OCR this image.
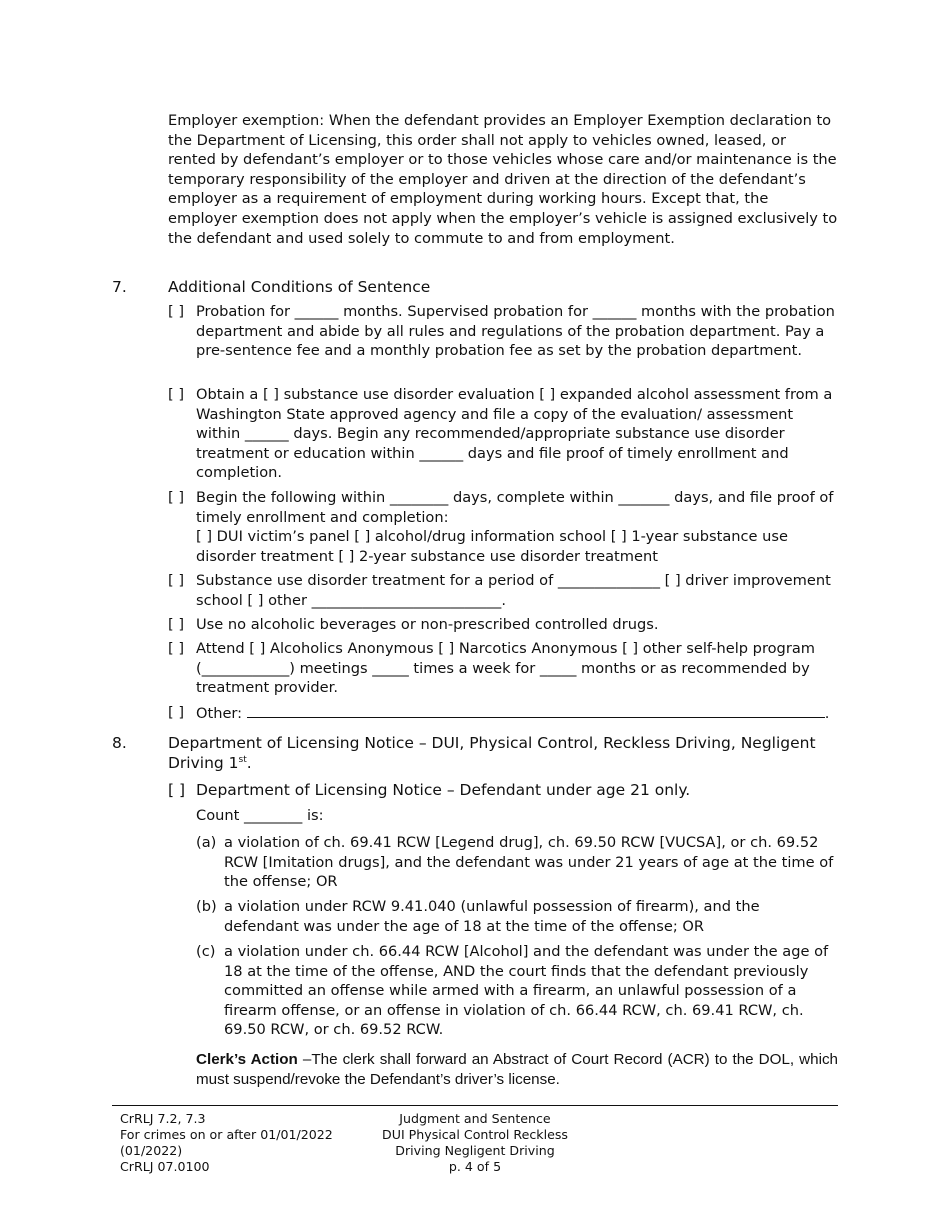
Employer exemption: When the defendant provides an Employer Exemption declaration to the Department of Licensing, this order shall not apply to vehicles owned, leased, or rented by defendant’s employer or to those vehicles whose care and/or maintenance is the temporary responsibility of the employer and driven at the direction of the defendant’s employer as a requirement of employment during working hours. Except that, the employer exemption does not apply when the employer’s vehicle is assigned exclusively to the defendant and used solely to commute to and from employment.
7.	Additional Conditions of Sentence
[ ] Probation for ______ months. Supervised probation for ______ months with the probation department and abide by all rules and regulations of the probation department. Pay a pre-sentence fee and a monthly probation fee as set by the probation department.
[ ] Obtain a [ ] substance use disorder evaluation [ ] expanded alcohol assessment from a Washington State approved agency and file a copy of the evaluation/ assessment within ______ days. Begin any recommended/appropriate substance use disorder treatment or education within ______ days and file proof of timely enrollment and completion.
[ ] Begin the following within ________ days, complete within _______ days, and file proof of timely enrollment and completion:
[ ] DUI victim’s panel [ ] alcohol/drug information school [ ] 1-year substance use disorder treatment [ ] 2-year substance use disorder treatment
[ ] Substance use disorder treatment for a period of ______________ [ ] driver improvement school [ ] other __________________________.
[ ] Use no alcoholic beverages or non-prescribed controlled drugs.
[ ] Attend [ ] Alcoholics Anonymous [ ] Narcotics Anonymous [ ] other self-help program (____________) meetings _____ times a week for _____ months or as recommended by treatment provider.
[ ] Other:	.
8.	Department of Licensing Notice – DUI, Physical Control, Reckless Driving, Negligent Driving 1st.
[ ] Department of Licensing Notice – Defendant under age 21 only.
Count ________ is:
(a) a violation of ch. 69.41 RCW [Legend drug], ch. 69.50 RCW [VUCSA], or ch. 69.52 RCW [Imitation drugs], and the defendant was under 21 years of age at the time of the offense; OR
(b) a violation under RCW 9.41.040 (unlawful possession of firearm), and the defendant was under the age of 18 at the time of the offense; OR
(c) a violation under ch. 66.44 RCW [Alcohol] and the defendant was under the age of 18 at the time of the offense, AND the court finds that the defendant previously committed an offense while armed with a firearm, an unlawful possession of a firearm offense, or an offense in violation of ch. 66.44 RCW, ch. 69.41 RCW, ch. 69.50 RCW, or ch. 69.52 RCW.
Clerk’s Action –The clerk shall forward an Abstract of Court Record (ACR) to the DOL, which must suspend/revoke the Defendant’s driver’s license.
CrRLJ 7.2, 7.3
For crimes on or after 01/01/2022
(01/2022)
CrRLJ 07.0100
Judgment and Sentence
DUI Physical Control Reckless
Driving Negligent Driving
p. 4 of 5
